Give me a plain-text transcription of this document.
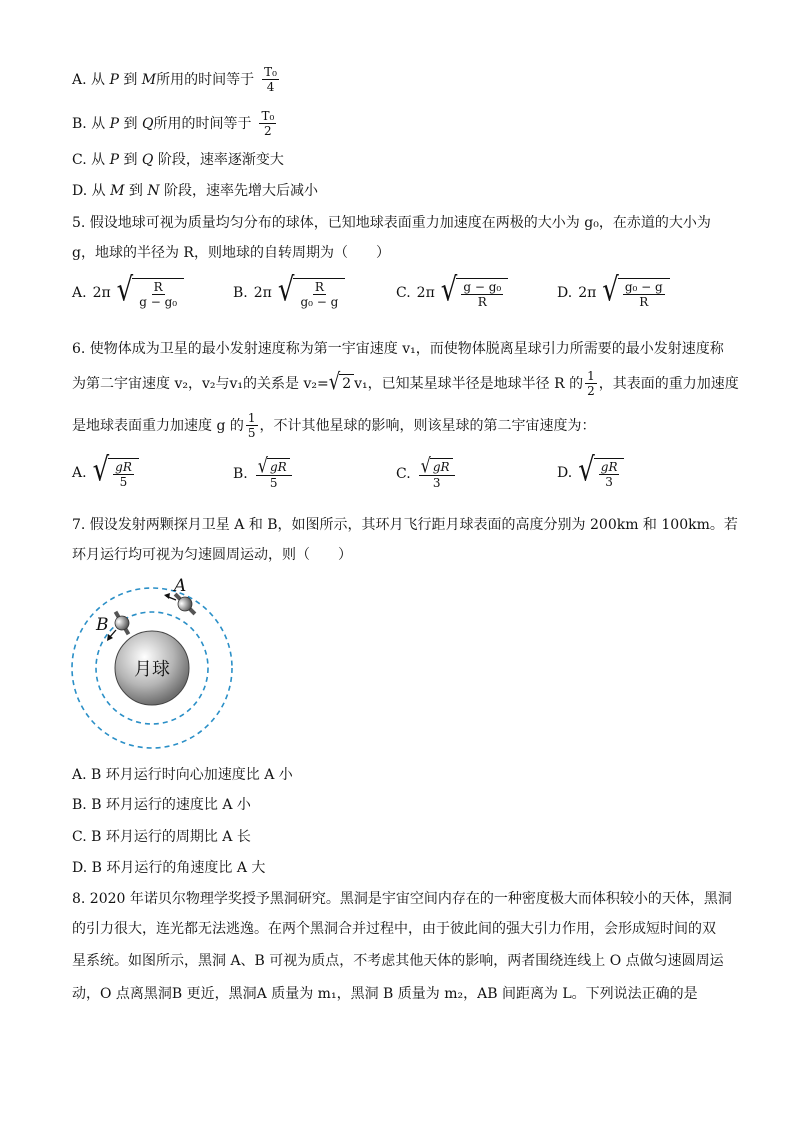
A. 从 P 到 M所用的时间等于 $\frac{\text{T₀}}{4}$
B. 从 P 到 Q所用的时间等于 $\frac{\text{T₀}}{2}$
C. 从 P 到 Q 阶段，速率逐渐变大
D. 从 M 到 N 阶段，速率先增大后减小
5. 假设地球可视为质量均匀分布的球体，已知地球表面重力加速度在两极的大小为 g₀，在赤道的大小为
g，地球的半径为 R，则地球的自转周期为（　　）
A. 2π √ $\frac{R}{\text{g − g₀}}$	B. 2π √ $\frac{R}{\text{g₀ − g}}$	C. 2π √ $\frac{\text{g − g₀}}{R}$	D. 2π √ $\frac{\text{g₀ − g}}{R}$
6. 使物体成为卫星的最小发射速度称为第一宇宙速度 v₁，而使物体脱离星球引力所需要的最小发射速度称
为第二宇宙速度 v₂，v₂与v₁的关系是 v₂= √ 2 v₁，已知某星球半径是地球半径 R 的 $\frac{1}{2}$ ，其表面的重力加速度
是地球表面重力加速度 g 的 $\frac{1}{5}$ ，不计其他星球的影响，则该星球的第二宇宙速度为：
A. √ $\frac{gR}{5}$	B. $\frac{√ gR}{5}$	C. $\frac{√ gR}{3}$	D. √ $\frac{gR}{3}$
7. 假设发射两颗探月卫星 A 和 B，如图所示，其环月飞行距月球表面的高度分别为 200km 和 100km。若
环月运行均可视为匀速圆周运动，则（　　）
月球
A
B
A. B 环月运行时向心加速度比 A 小
B. B 环月运行的速度比 A 小
C. B 环月运行的周期比 A 长
D. B 环月运行的角速度比 A 大
8. 2020 年诺贝尔物理学奖授予黑洞研究。黑洞是宇宙空间内存在的一种密度极大而体积较小的天体，黑洞
的引力很大，连光都无法逃逸。在两个黑洞合并过程中，由于彼此间的强大引力作用，会形成短时间的双
星系统。如图所示，黑洞 A、B 可视为质点，不考虑其他天体的影响，两者围绕连线上 O 点做匀速圆周运
动，O 点离黑洞B 更近，黑洞A 质量为 m₁，黑洞 B 质量为 m₂，AB 间距离为 L。下列说法正确的是
